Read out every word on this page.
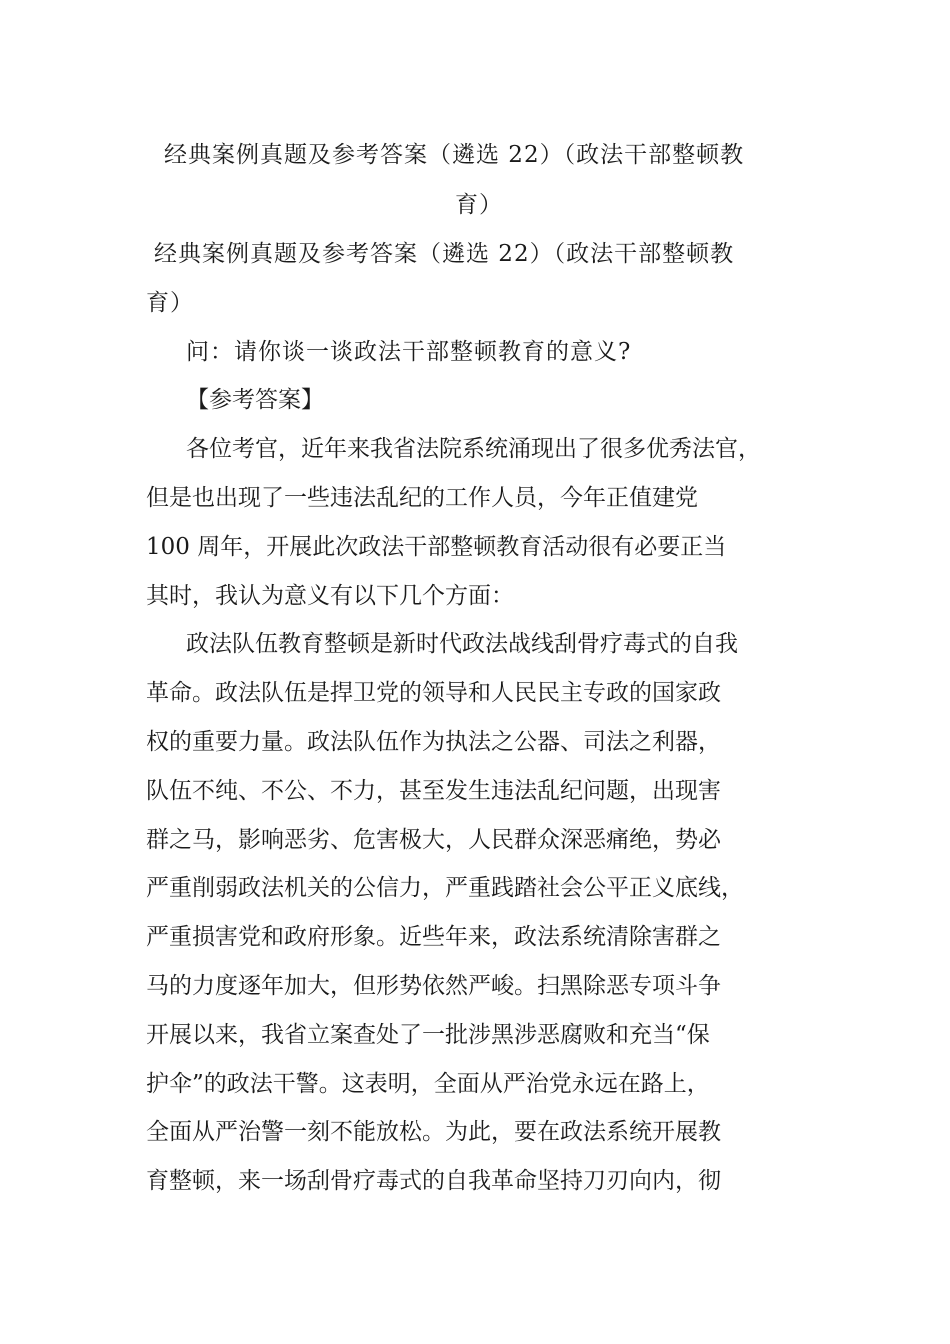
经典案例真题及参考答案（遴选 22）（政法干部整顿教
育）
经典案例真题及参考答案（遴选 22）（政法干部整顿教
育）
问：请你谈一谈政法干部整顿教育的意义?
【参考答案】
各位考官，近年来我省法院系统涌现出了很多优秀法官，
但是也出现了一些违法乱纪的工作人员，今年正值建党
100 周年，开展此次政法干部整顿教育活动很有必要正当
其时，我认为意义有以下几个方面：
政法队伍教育整顿是新时代政法战线刮骨疗毒式的自我
革命。政法队伍是捍卫党的领导和人民民主专政的国家政
权的重要力量。政法队伍作为执法之公器、司法之利器，
队伍不纯、不公、不力，甚至发生违法乱纪问题，出现害
群之马，影响恶劣、危害极大，人民群众深恶痛绝，势必
严重削弱政法机关的公信力，严重践踏社会公平正义底线，
严重损害党和政府形象。近些年来，政法系统清除害群之
马的力度逐年加大，但形势依然严峻。扫黑除恶专项斗争
开展以来，我省立案查处了一批涉黑涉恶腐败和充当“保
护伞”的政法干警。这表明，全面从严治党永远在路上，
全面从严治警一刻不能放松。为此，要在政法系统开展教
育整顿，来一场刮骨疗毒式的自我革命坚持刀刃向内，彻
